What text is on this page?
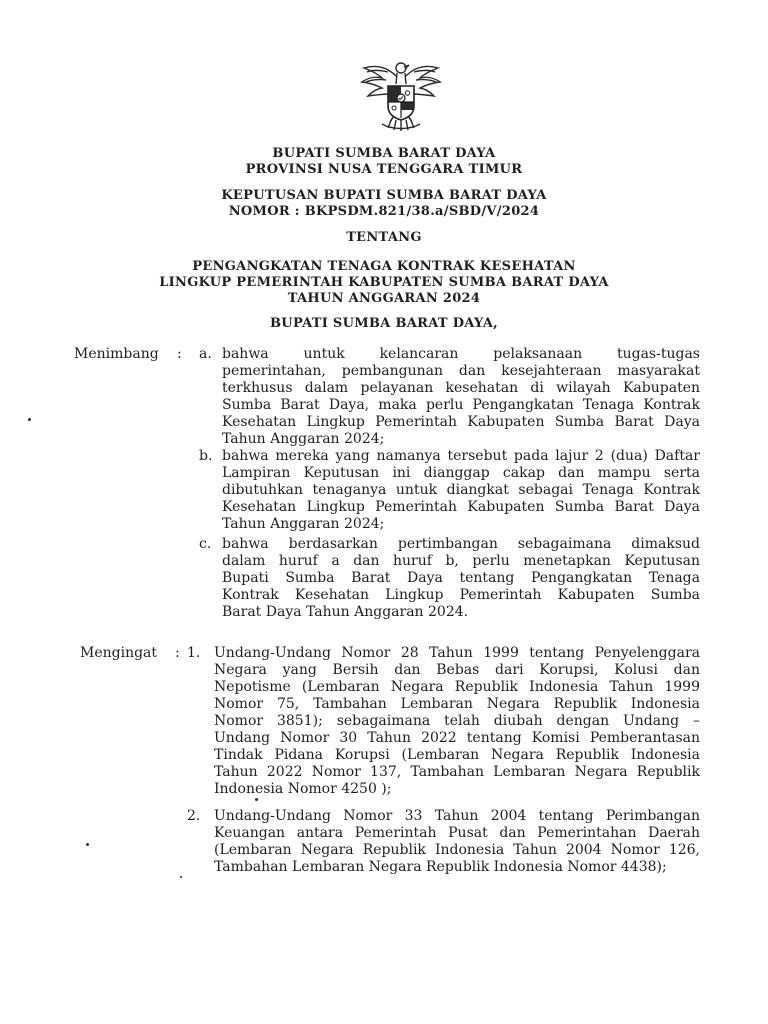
BUPATI SUMBA BARAT DAYA
PROVINSI NUSA TENGGARA TIMUR
KEPUTUSAN BUPATI SUMBA BARAT DAYA
NOMOR : BKPSDM.821/38.a/SBD/V/2024
TENTANG
PENGANGKATAN TENAGA KONTRAK KESEHATAN
LINGKUP PEMERINTAH KABUPATEN SUMBA BARAT DAYA
TAHUN ANGGARAN 2024
BUPATI SUMBA BARAT DAYA,
Menimbang : a. bahwa untuk kelancaran pelaksanaan tugas-tugas
pemerintahan, pembangunan dan kesejahteraan masyarakat
terkhusus dalam pelayanan kesehatan di wilayah Kabupaten
Sumba Barat Daya, maka perlu Pengangkatan Tenaga Kontrak
Kesehatan Lingkup Pemerintah Kabupaten Sumba Barat Daya
Tahun Anggaran 2024;
b. bahwa mereka yang namanya tersebut pada lajur 2 (dua) Daftar
Lampiran Keputusan ini dianggap cakap dan mampu serta
dibutuhkan tenaganya untuk diangkat sebagai Tenaga Kontrak
Kesehatan Lingkup Pemerintah Kabupaten Sumba Barat Daya
Tahun Anggaran 2024;
c. bahwa berdasarkan pertimbangan sebagaimana dimaksud
dalam huruf a dan huruf b, perlu menetapkan Keputusan
Bupati Sumba Barat Daya tentang Pengangkatan Tenaga
Kontrak Kesehatan Lingkup Pemerintah Kabupaten Sumba
Barat Daya Tahun Anggaran 2024.
Mengingat : 1. Undang-Undang Nomor 28 Tahun 1999 tentang Penyelenggara
Negara yang Bersih dan Bebas dari Korupsi, Kolusi dan
Nepotisme (Lembaran Negara Republik Indonesia Tahun 1999
Nomor 75, Tambahan Lembaran Negara Republik Indonesia
Nomor 3851); sebagaimana telah diubah dengan Undang –
Undang Nomor 30 Tahun 2022 tentang Komisi Pemberantasan
Tindak Pidana Korupsi (Lembaran Negara Republik Indonesia
Tahun 2022 Nomor 137, Tambahan Lembaran Negara Republik
Indonesia Nomor 4250 );
2. Undang-Undang Nomor 33 Tahun 2004 tentang Perimbangan
Keuangan antara Pemerintah Pusat dan Pemerintahan Daerah
(Lembaran Negara Republik Indonesia Tahun 2004 Nomor 126,
Tambahan Lembaran Negara Republik Indonesia Nomor 4438);
